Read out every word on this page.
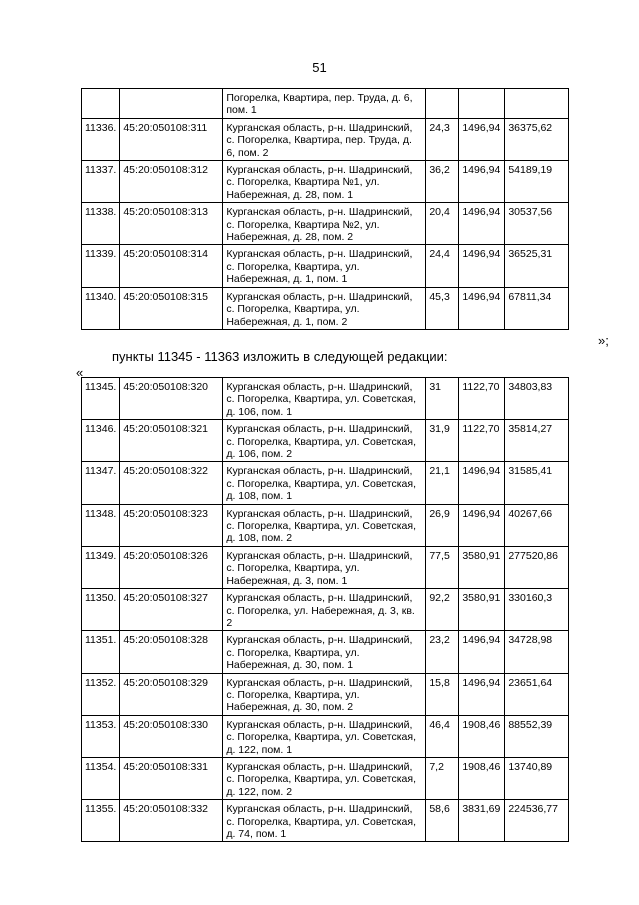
51
		Погорелка, Квартира, пер. Труда, д. 6, пом. 1			
11336.	45:20:050108:311	Курганская область, р-н. Шадринский, с. Погорелка, Квартира, пер. Труда, д. 6, пом. 2	24,3	1496,94	36375,62
11337.	45:20:050108:312	Курганская область, р-н. Шадринский, с. Погорелка, Квартира №1, ул. Набережная, д. 28, пом. 1	36,2	1496,94	54189,19
11338.	45:20:050108:313	Курганская область, р-н. Шадринский, с. Погорелка, Квартира №2, ул. Набережная, д. 28, пом. 2	20,4	1496,94	30537,56
11339.	45:20:050108:314	Курганская область, р-н. Шадринский, с. Погорелка, Квартира, ул. Набережная, д. 1, пом. 1	24,4	1496,94	36525,31
11340.	45:20:050108:315	Курганская область, р-н. Шадринский, с. Погорелка, Квартира, ул. Набережная, д. 1, пом. 2	45,3	1496,94	67811,34
»;
пункты 11345 - 11363 изложить в следующей редакции:
«
11345.	45:20:050108:320	Курганская область, р-н. Шадринский, с. Погорелка, Квартира, ул. Советская, д. 106, пом. 1	31	1122,70	34803,83
11346.	45:20:050108:321	Курганская область, р-н. Шадринский, с. Погорелка, Квартира, ул. Советская, д. 106, пом. 2	31,9	1122,70	35814,27
11347.	45:20:050108:322	Курганская область, р-н. Шадринский, с. Погорелка, Квартира, ул. Советская, д. 108, пом. 1	21,1	1496,94	31585,41
11348.	45:20:050108:323	Курганская область, р-н. Шадринский, с. Погорелка, Квартира, ул. Советская, д. 108, пом. 2	26,9	1496,94	40267,66
11349.	45:20:050108:326	Курганская область, р-н. Шадринский, с. Погорелка, Квартира, ул. Набережная, д. 3, пом. 1	77,5	3580,91	277520,86
11350.	45:20:050108:327	Курганская область, р-н. Шадринский, с. Погорелка, ул. Набережная, д. 3, кв. 2	92,2	3580,91	330160,3
11351.	45:20:050108:328	Курганская область, р-н. Шадринский, с. Погорелка, Квартира, ул. Набережная, д. 30, пом. 1	23,2	1496,94	34728,98
11352.	45:20:050108:329	Курганская область, р-н. Шадринский, с. Погорелка, Квартира, ул. Набережная, д. 30, пом. 2	15,8	1496,94	23651,64
11353.	45:20:050108:330	Курганская область, р-н. Шадринский, с. Погорелка, Квартира, ул. Советская, д. 122, пом. 1	46,4	1908,46	88552,39
11354.	45:20:050108:331	Курганская область, р-н. Шадринский, с. Погорелка, Квартира, ул. Советская, д. 122, пом. 2	7,2	1908,46	13740,89
11355.	45:20:050108:332	Курганская область, р-н. Шадринский, с. Погорелка, Квартира, ул. Советская, д. 74, пом. 1	58,6	3831,69	224536,77
